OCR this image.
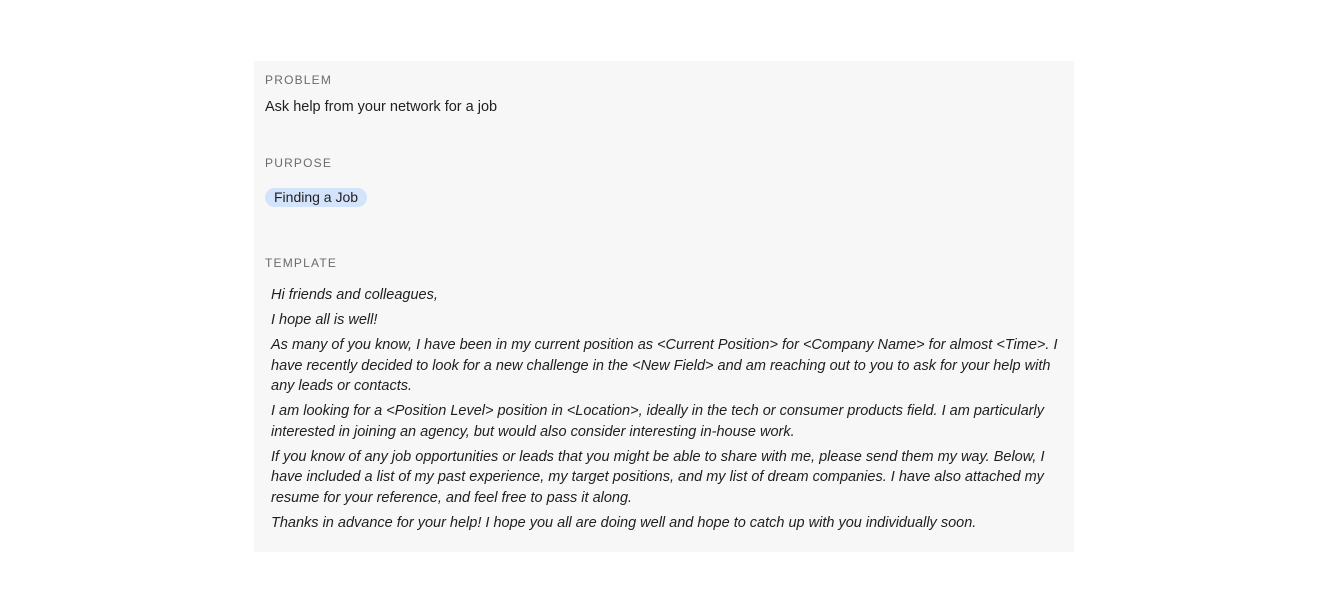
PROBLEM
Ask help from your network for a job
PURPOSE
Finding a Job
TEMPLATE

Hi friends and colleagues,

I hope all is well!

As many of you know, I have been in my current position as <Current Position> for <Company Name> for almost <Time>. I have recently decided to look for a new challenge in the <New Field> and am reaching out to you to ask for your help with any leads or contacts.

I am looking for a <Position Level> position in <Location>, ideally in the tech or consumer products field. I am particularly interested in joining an agency, but would also consider interesting in-house work.

If you know of any job opportunities or leads that you might be able to share with me, please send them my way. Below, I have included a list of my past experience, my target positions, and my list of dream companies. I have also attached my resume for your reference, and feel free to pass it along.

Thanks in advance for your help! I hope you all are doing well and hope to catch up with you individually soon.
